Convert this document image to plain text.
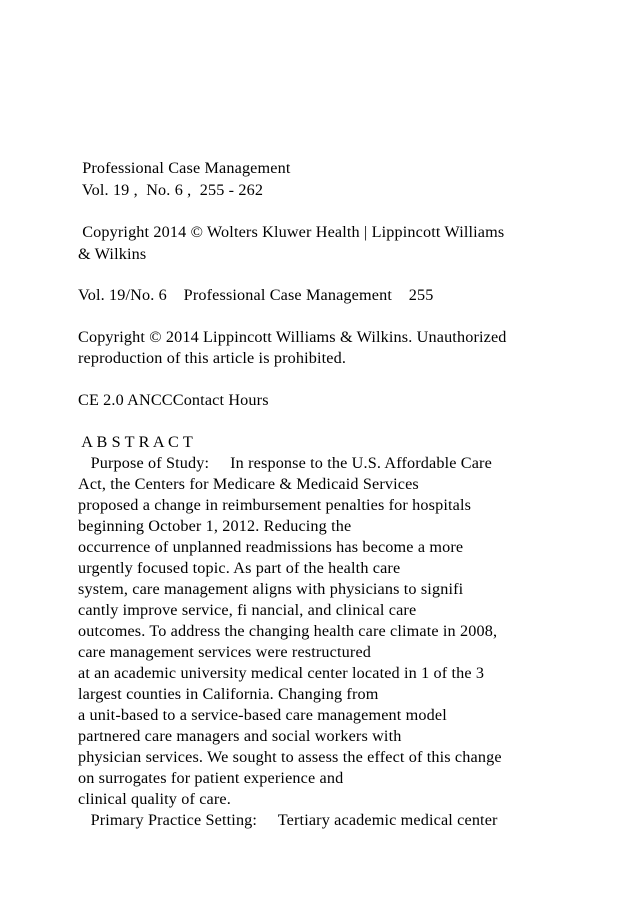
Professional Case Management
Vol. 19 ,  No. 6 ,  255 - 262
Copyright 2014 © Wolters Kluwer Health | Lippincott Williams
& Wilkins
Vol. 19/No. 6    Professional Case Management    255
Copyright © 2014 Lippincott Williams & Wilkins. Unauthorized
reproduction of this article is prohibited.
CE 2.0 ANCCContact Hours
A B S T R A C T
Purpose of Study:     In response to the U.S. Affordable Care
Act, the Centers for Medicare & Medicaid Services
proposed a change in reimbursement penalties for hospitals
beginning October 1, 2012. Reducing the
occurrence of unplanned readmissions has become a more
urgently focused topic. As part of the health care
system, care management aligns with physicians to signifi
cantly improve service, fi nancial, and clinical care
outcomes. To address the changing health care climate in 2008,
care management services were restructured
at an academic university medical center located in 1 of the 3
largest counties in California. Changing from
a unit-based to a service-based care management model
partnered care managers and social workers with
physician services. We sought to assess the effect of this change
on surrogates for patient experience and
clinical quality of care.
Primary Practice Setting:     Tertiary academic medical center
